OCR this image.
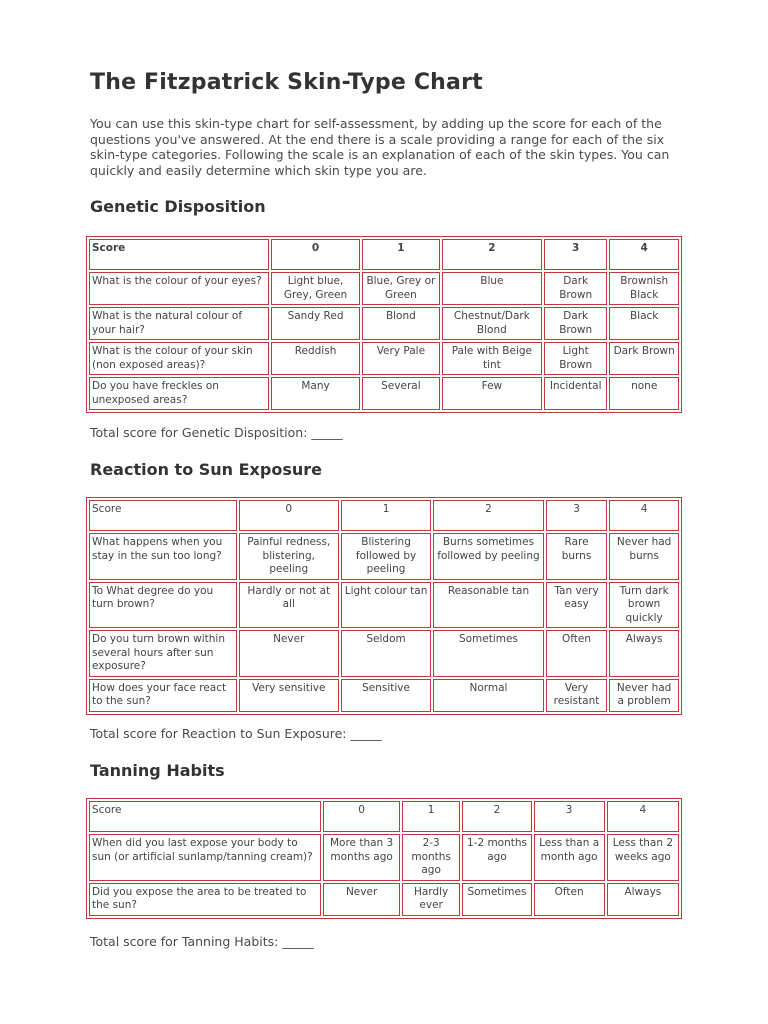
The Fitzpatrick Skin-Type Chart

You can use this skin-type chart for self-assessment, by adding up the score for each of the questions you've answered. At the end there is a scale providing a range for each of the six skin-type categories. Following the scale is an explanation of each of the skin types. You can quickly and easily determine which skin type you are.

Genetic Disposition
Score	0	1	2	3	4
What is the colour of your eyes?	Light blue, Grey, Green	Blue, Grey or Green	Blue	Dark Brown	Brownish Black
What is the natural colour of your hair?	Sandy Red	Blond	Chestnut/Dark Blond	Dark Brown	Black
What is the colour of your skin (non exposed areas)?	Reddish	Very Pale	Pale with Beige tint	Light Brown	Dark Brown
Do you have freckles on unexposed areas?	Many	Several	Few	Incidental	none

Total score for Genetic Disposition: _____

Reaction to Sun Exposure
Score	0	1	2	3	4
What happens when you stay in the sun too long?	Painful redness, blistering, peeling	Blistering followed by peeling	Burns sometimes followed by peeling	Rare burns	Never had burns
To What degree do you turn brown?	Hardly or not at all	Light colour tan	Reasonable tan	Tan very easy	Turn dark brown quickly
Do you turn brown within several hours after sun exposure?	Never	Seldom	Sometimes	Often	Always
How does your face react to the sun?	Very sensitive	Sensitive	Normal	Very resistant	Never had a problem

Total score for Reaction to Sun Exposure: _____

Tanning Habits
Score	0	1	2	3	4
When did you last expose your body to sun (or artificial sunlamp/tanning cream)?	More than 3 months ago	2-3 months ago	1-2 months ago	Less than a month ago	Less than 2 weeks ago
Did you expose the area to be treated to the sun?	Never	Hardly ever	Sometimes	Often	Always

Total score for Tanning Habits: _____
